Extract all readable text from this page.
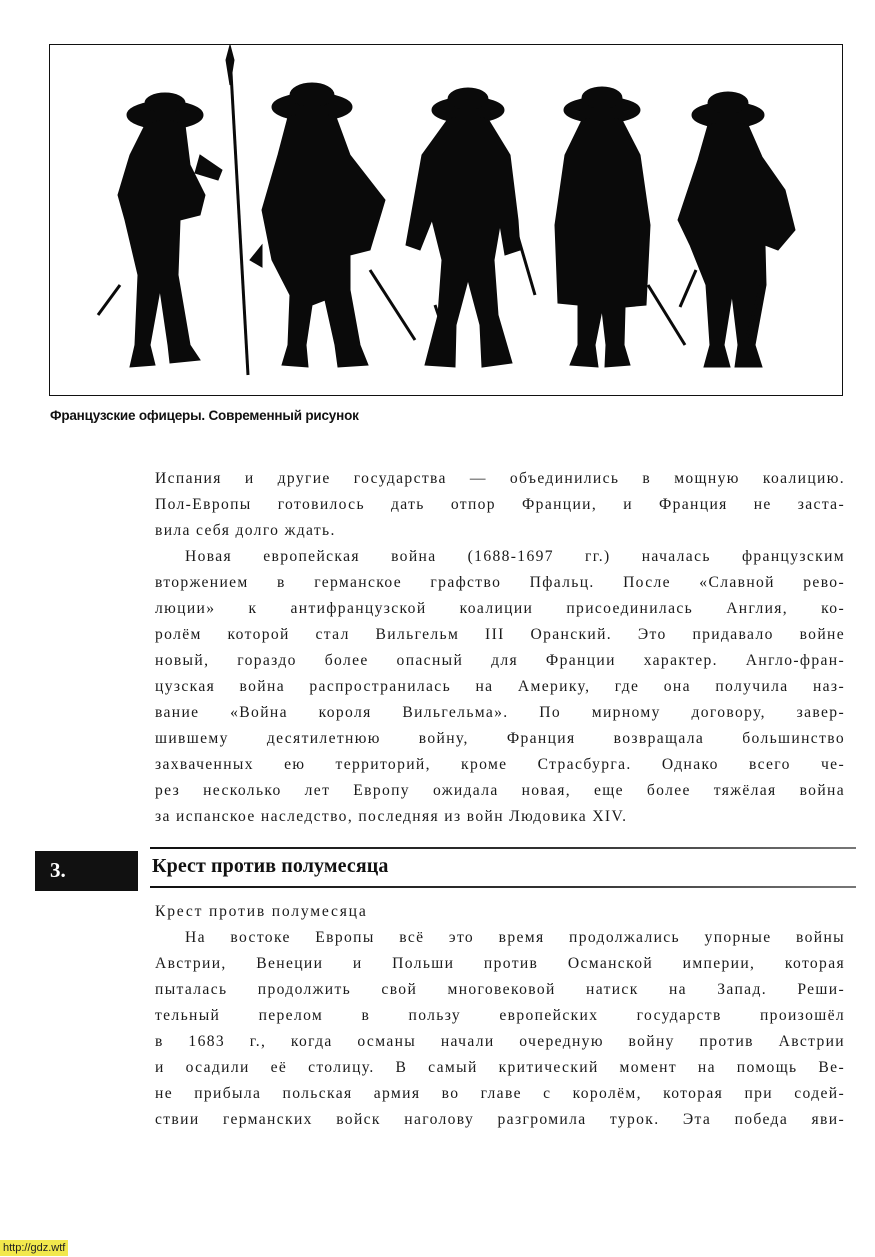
Французские офицеры. Современный рисунок
Испания и другие государства — объединились в мощную коалицию.
Пол-Европы готовилось дать отпор Франции, и Франция не заста-
вила себя долго ждать.
Новая европейская война (1688-1697 гг.) началась французским
вторжением в германское графство Пфальц. После «Славной рево-
люции» к антифранцузской коалиции присоединилась Англия, ко-
ролём которой стал Вильгельм III Оранский. Это придавало войне
новый, гораздо более опасный для Франции характер. Англо-фран-
цузская война распространилась на Америку, где она получила наз-
вание «Война короля Вильгельма». По мирному договору, завер-
шившему десятилетнюю войну, Франция возвращала большинство
захваченных ею территорий, кроме Страсбурга. Однако всего че-
рез несколько лет Европу ожидала новая, еще более тяжёлая война
за испанское наследство, последняя из войн Людовика XIV.
3.	Крест против полумесяца
Крест против полумесяца
На востоке Европы всё это время продолжались упорные войны
Австрии, Венеции и Польши против Османской империи, которая
пыталась продолжить свой многовековой натиск на Запад. Реши-
тельный перелом в пользу европейских государств произошёл
в 1683 г., когда османы начали очередную войну против Австрии
и осадили её столицу. В самый критический момент на помощь Ве-
не прибыла польская армия во главе с королём, которая при содей-
ствии германских войск наголову разгромила турок. Эта победа яви-
http://gdz.wtf
